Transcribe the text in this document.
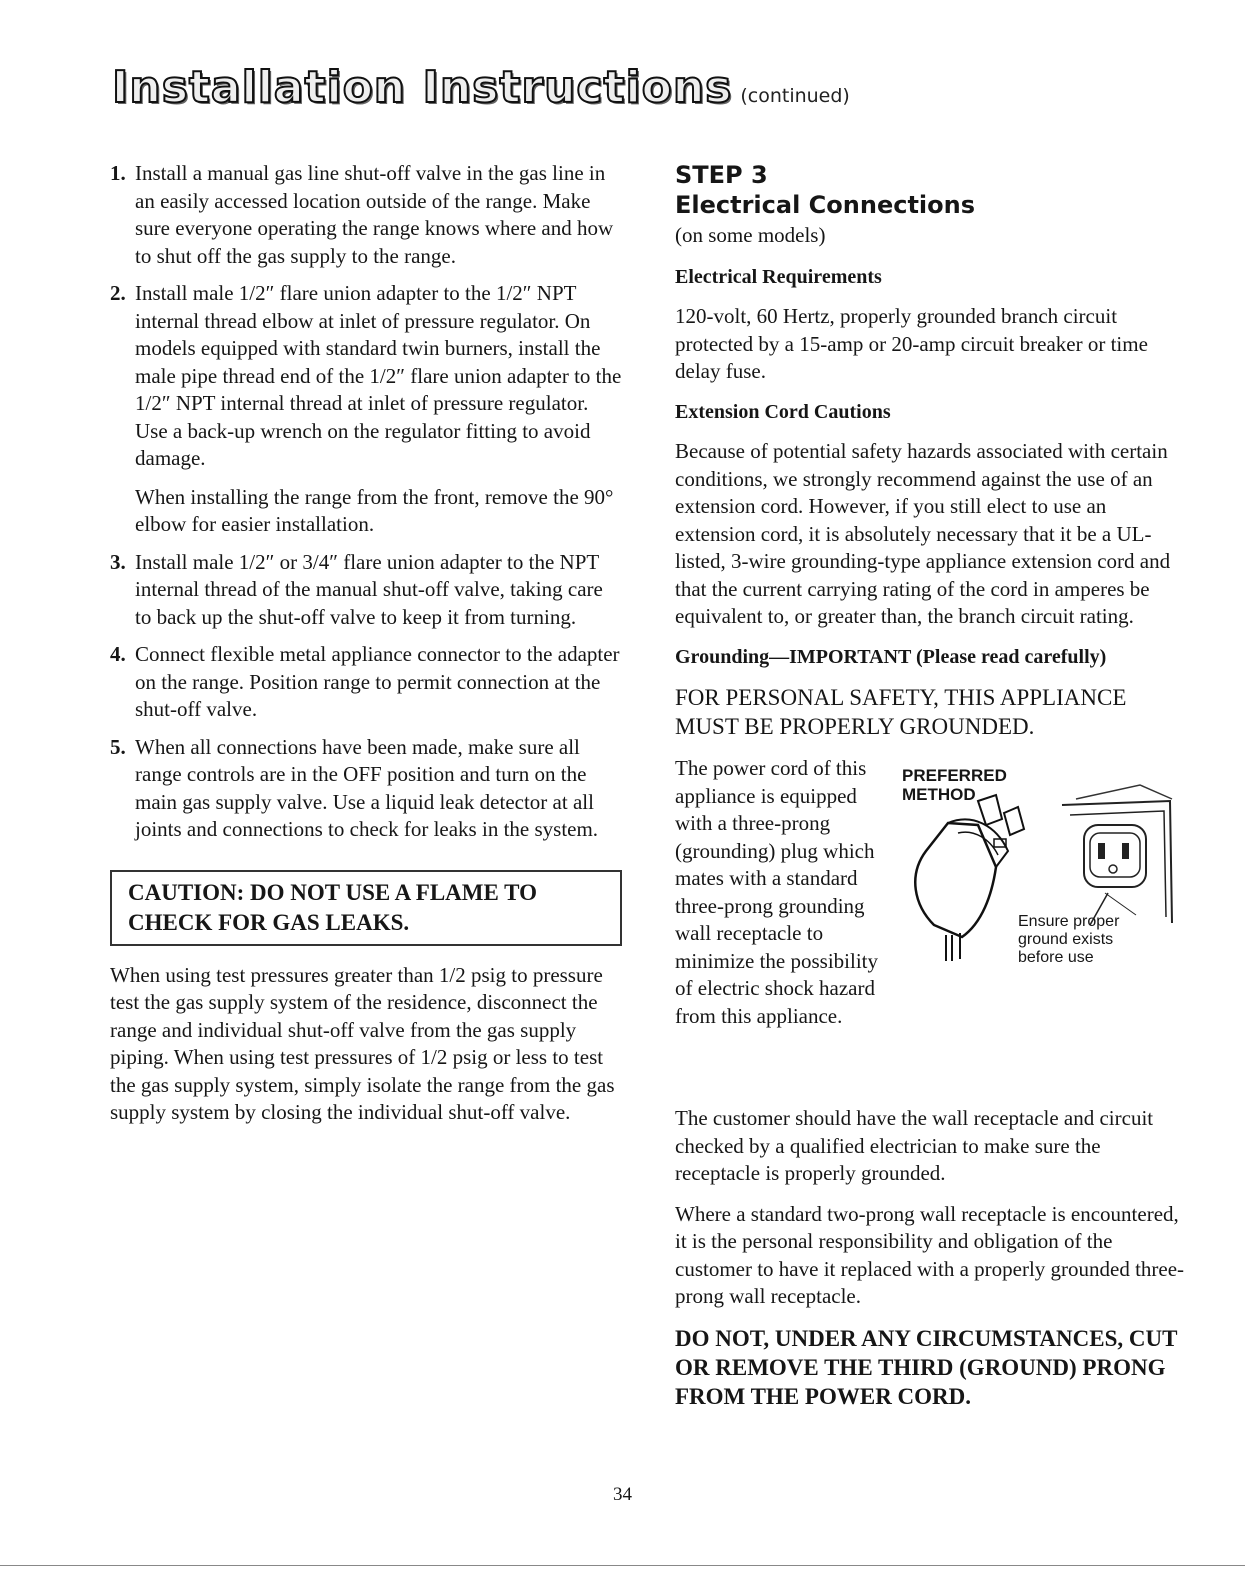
Installation Instructions (continued)
1. Install a manual gas line shut-off valve in the gas line in an easily accessed location outside of the range. Make sure everyone operating the range knows where and how to shut off the gas supply to the range.

2. Install male 1/2″ flare union adapter to the 1/2″ NPT internal thread elbow at inlet of pressure regulator. On models equipped with standard twin burners, install the male pipe thread end of the 1/2″ flare union adapter to the 1/2″ NPT internal thread at inlet of pressure regulator. Use a back-up wrench on the regulator fitting to avoid damage.

When installing the range from the front, remove the 90° elbow for easier installation.

3. Install male 1/2″ or 3/4″ flare union adapter to the NPT internal thread of the manual shut-off valve, taking care to back up the shut-off valve to keep it from turning.

4. Connect flexible metal appliance connector to the adapter on the range. Position range to permit connection at the shut-off valve.

5. When all connections have been made, make sure all range controls are in the OFF position and turn on the main gas supply valve. Use a liquid leak detector at all joints and connections to check for leaks in the system.

CAUTION: DO NOT USE A FLAME TO CHECK FOR GAS LEAKS.

When using test pressures greater than 1/2 psig to pressure test the gas supply system of the residence, disconnect the range and individual shut-off valve from the gas supply piping. When using test pressures of 1/2 psig or less to test the gas supply system, simply isolate the range from the gas supply system by closing the individual shut-off valve.

STEP 3
Electrical Connections

(on some models)

Electrical Requirements

120-volt, 60 Hertz, properly grounded branch circuit protected by a 15-amp or 20-amp circuit breaker or time delay fuse.

Extension Cord Cautions

Because of potential safety hazards associated with certain conditions, we strongly recommend against the use of an extension cord. However, if you still elect to use an extension cord, it is absolutely necessary that it be a UL-listed, 3-wire grounding-type appliance extension cord and that the current carrying rating of the cord in amperes be equivalent to, or greater than, the branch circuit rating.

Grounding—IMPORTANT (Please read carefully)

FOR PERSONAL SAFETY, THIS APPLIANCE MUST BE PROPERLY GROUNDED.

The power cord of this appliance is equipped with a three-prong (grounding) plug which mates with a standard three-prong grounding wall receptacle to minimize the possibility of electric shock hazard from this appliance.

PREFERRED
METHOD
Ensure proper
ground exists
before use

The customer should have the wall receptacle and circuit checked by a qualified electrician to make sure the receptacle is properly grounded.

Where a standard two-prong wall receptacle is encountered, it is the personal responsibility and obligation of the customer to have it replaced with a properly grounded three-prong wall receptacle.

DO NOT, UNDER ANY CIRCUMSTANCES, CUT OR REMOVE THE THIRD (GROUND) PRONG FROM THE POWER CORD.

34
